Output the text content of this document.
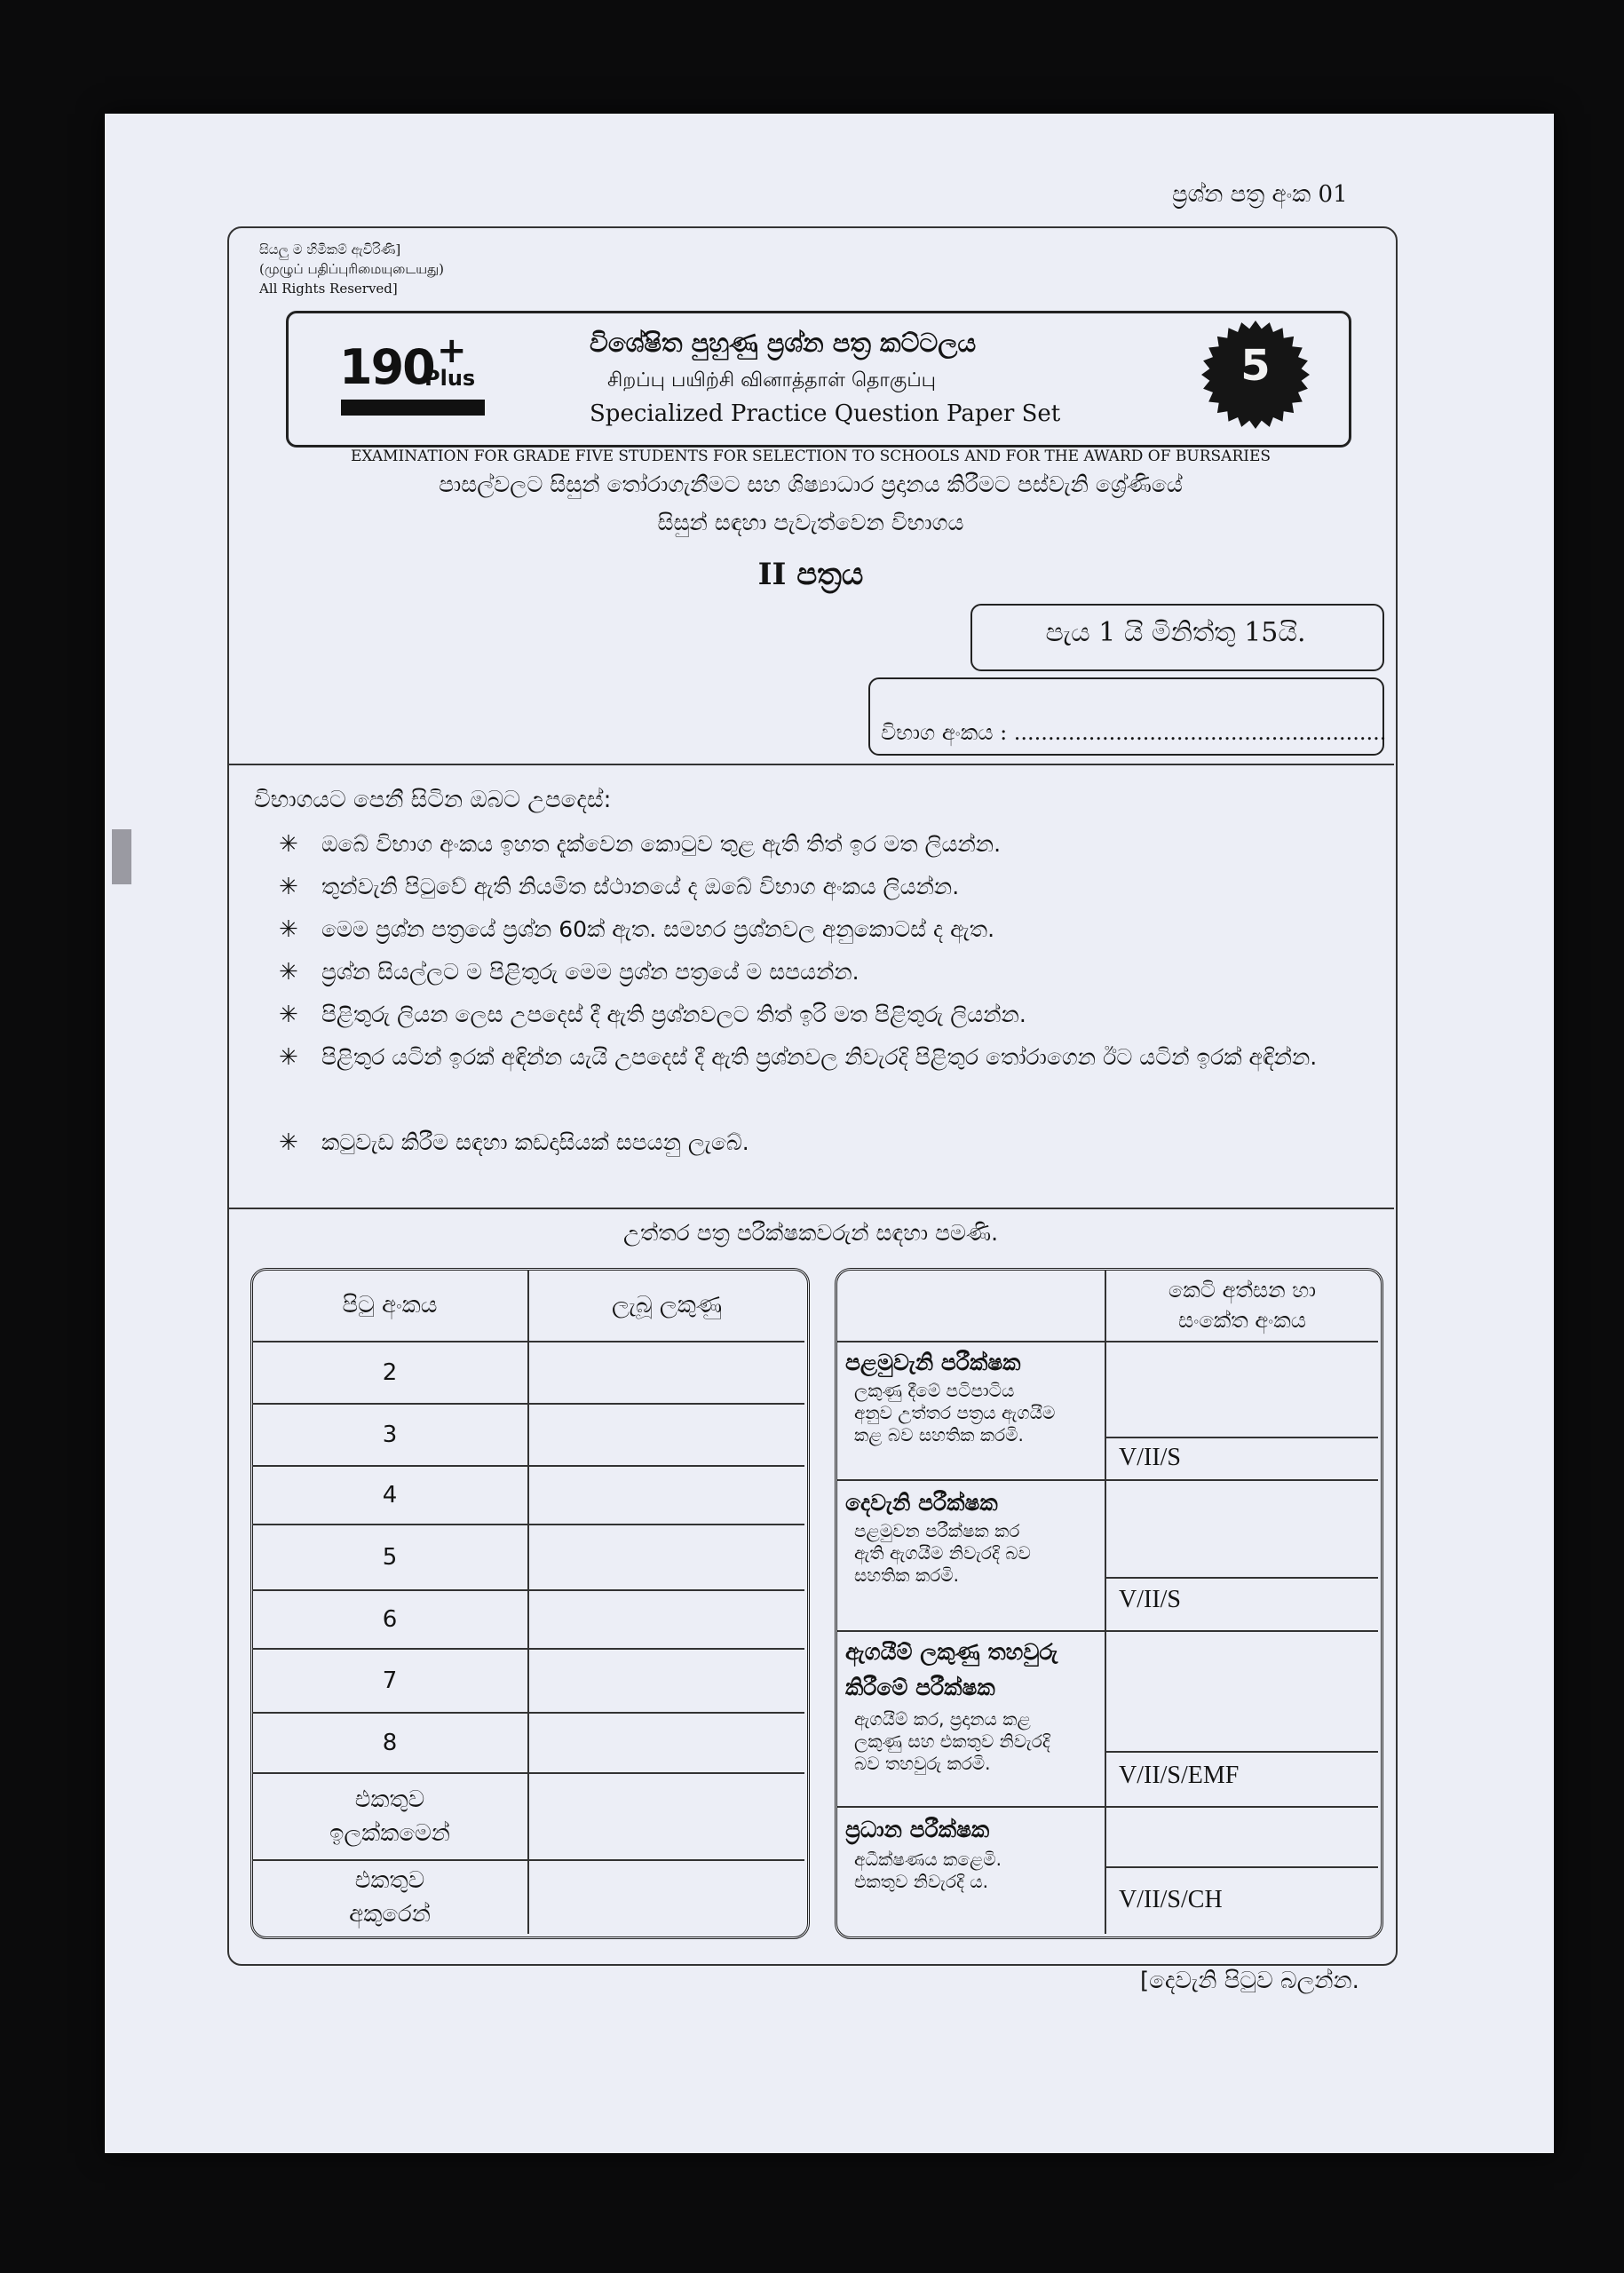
ප්‍රශ්න පත්‍ර අංක 01
සියලු ම හිමිකම් ඇවිරිණි]
(முழுப் பதிப்புரிமையுடையது)
All Rights Reserved]
190 +
Plus
විශේෂිත පුහුණු ප්‍රශ්න පත්‍ර කට්ටලය
சிறப்பு பயிற்சி வினாத்தாள் தொகுப்பு
Specialized Practice Question Paper Set
5
EXAMINATION FOR GRADE FIVE STUDENTS FOR SELECTION TO SCHOOLS AND FOR THE AWARD OF BURSARIES
පාසල්වලට සිසුන් තෝරාගැනීමට සහ ශිෂ්‍යාධාර ප්‍රදානය කිරීමට පස්වැනි ශ්‍රේණියේ
සිසුන් සඳහා පැවැත්වෙන විභාගය
II පත්‍රය
පැය 1 යි මිනිත්තු 15යි.
විභාග අංකය : .......................................................
විභාගයට පෙනී සිටින ඔබට උපදෙස්:
✳ ඔබේ විභාග අංකය ඉහත දැක්වෙන කොටුව තුළ ඇති තිත් ඉර මත ලියන්න.
✳ තුන්වැනි පිටුවේ ඇති නියමිත ස්ථානයේ ද ඔබේ විභාග අංකය ලියන්න.
✳ මෙම ප්‍රශ්න පත්‍රයේ ප්‍රශ්න 60ක් ඇත. සමහර ප්‍රශ්නවල අනුකොටස් ද ඇත.
✳ ප්‍රශ්න සියල්ලට ම පිළිතුරු මෙම ප්‍රශ්න පත්‍රයේ ම සපයන්න.
✳ පිළිතුරු ලියන ලෙස උපදෙස් දී ඇති ප්‍රශ්නවලට තිත් ඉරි මත පිළිතුරු ලියන්න.
✳ පිළිතුර යටින් ඉරක් අඳින්න යැයි උපදෙස් දී ඇති ප්‍රශ්නවල නිවැරදි පිළිතුර තෝරාගෙන ඊට යටින් ඉරක් අඳින්න.
✳ කටුවැඩ කිරීම සඳහා කඩදාසියක් සපයනු ලැබේ.
උත්තර පත්‍ර පරීක්ෂකවරුන් සඳහා පමණි.
පිටු අංකය	ලැබූ ලකුණු
2
3
4
5
6
7
8
එකතුව
ඉලක්කමෙන්
එකතුව
අකුරෙන්
කෙටි අත්සන හා
සංකේත අංකය
පළමුවැනි පරීක්ෂක
ලකුණු දීමේ පටිපාටිය
අනුව උත්තර පත්‍රය ඇගයීම
කළ බව සහතික කරමි.
V/II/S
දෙවැනි පරීක්ෂක
පළමුවන පරීක්ෂක කර
ඇති ඇගයීම නිවැරදි බව
සහතික කරමි.
V/II/S
ඇගයීම් ලකුණු තහවුරු
කිරීමේ පරීක්ෂක
ඇගයීම් කර, ප්‍රදානය කළ
ලකුණු සහ එකතුව නිවැරදි
බව තහවුරු කරමි.	V/II/S/EMF
ප්‍රධාන පරීක්ෂක
අධීක්ෂණය කළෙමි.
එකතුව නිවැරදි ය.
V/II/S/CH
[දෙවැනි පිටුව බලන්න.
